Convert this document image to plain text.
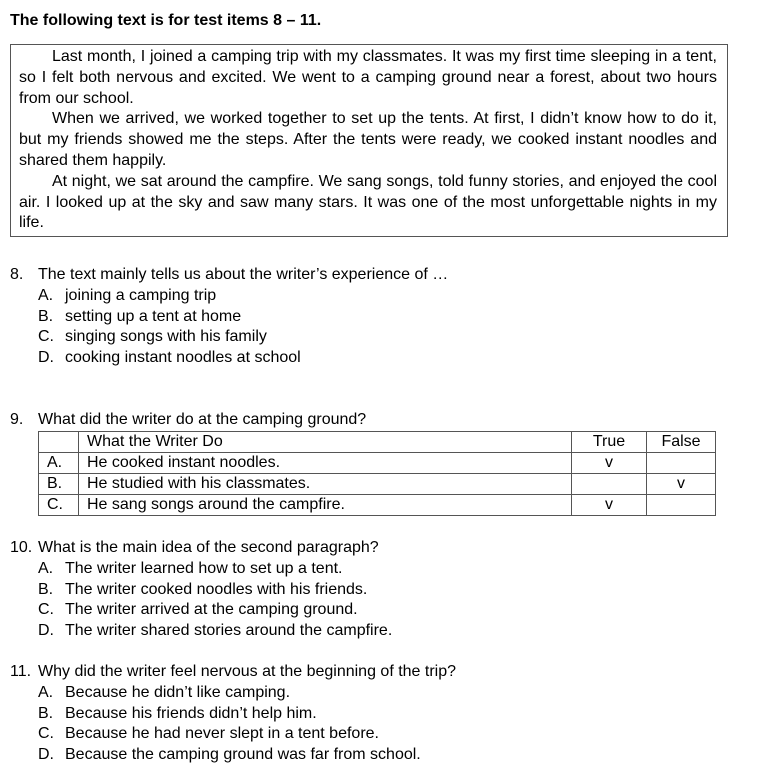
The following text is for test items 8 – 11.

Last month, I joined a camping trip with my classmates. It was my first time sleeping in a tent, so I felt both nervous and excited. We went to a camping ground near a forest, about two hours from our school.

When we arrived, we worked together to set up the tents. At first, I didn’t know how to do it, but my friends showed me the steps. After the tents were ready, we cooked instant noodles and shared them happily.

At night, we sat around the campfire. We sang songs, told funny stories, and enjoyed the cool air. I looked up at the sky and saw many stars. It was one of the most unforgettable nights in my life.

8. The text mainly tells us about the writer’s experience of …
A. joining a camping trip
B. setting up a tent at home
C. singing songs with his family
D. cooking instant noodles at school
9. What did the writer do at the camping ground?
	What the Writer Do	True	False
A.	He cooked instant noodles.	v	
B.	He studied with his classmates.		v
C.	He sang songs around the campfire.	v	
10. What is the main idea of the second paragraph?
A. The writer learned how to set up a tent.
B. The writer cooked noodles with his friends.
C. The writer arrived at the camping ground.
D. The writer shared stories around the campfire.
11. Why did the writer feel nervous at the beginning of the trip?
A. Because he didn’t like camping.
B. Because his friends didn’t help him.
C. Because he had never slept in a tent before.
D. Because the camping ground was far from school.
